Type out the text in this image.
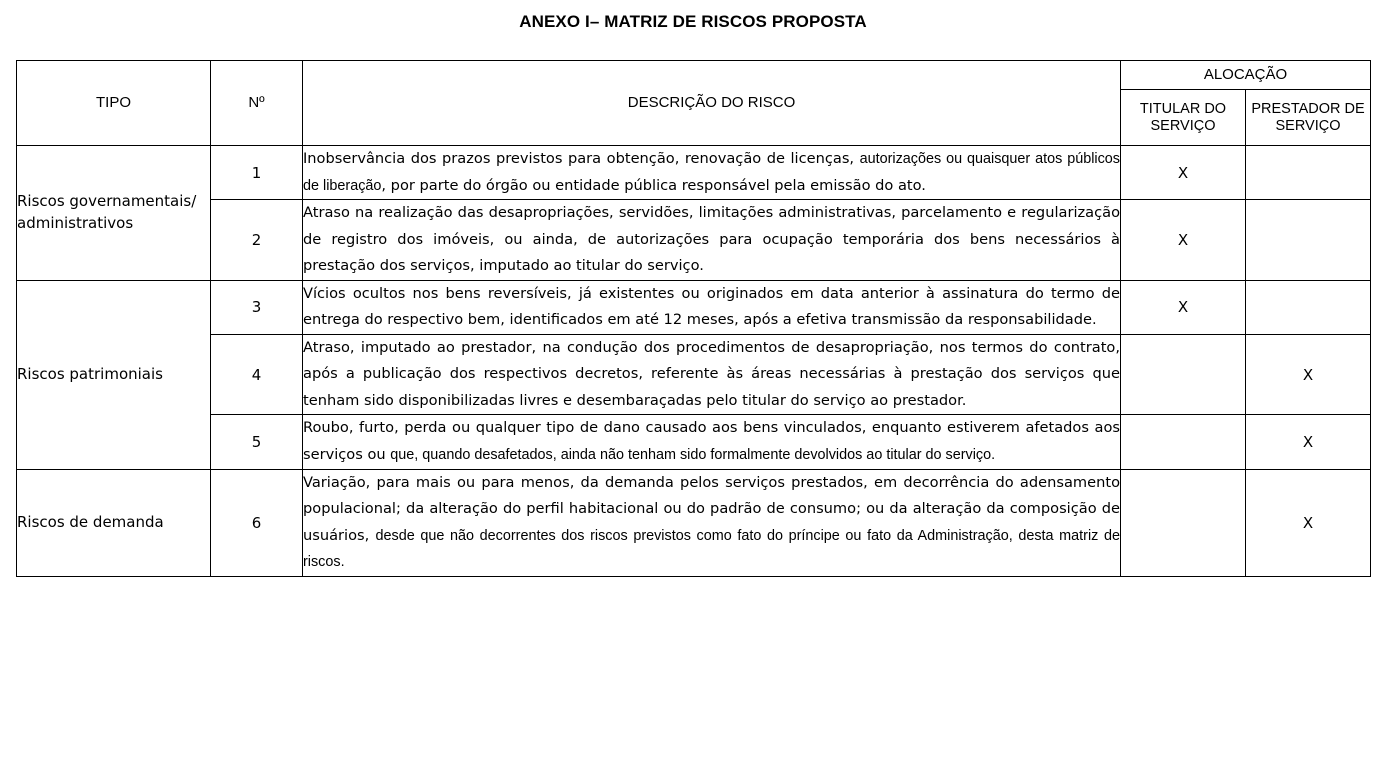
ANEXO I– MATRIZ DE RISCOS PROPOSTA
TIPO	Nº	DESCRIÇÃO DO RISCO	ALOCAÇÃO	
			TITULAR DO SERVIÇO	PRESTADOR DE SERVIÇO
Riscos governamentais/ administrativos	1	Inobservância dos prazos previstos para obtenção, renovação de licenças, autorizações ou quaisquer atos públicos de liberação, por parte do órgão ou entidade pública responsável pela emissão do ato.	X	
	2	Atraso na realização das desapropriações, servidões, limitações administrativas, parcelamento e regularização de registro dos imóveis, ou ainda, de autorizações para ocupação temporária dos bens necessários à prestação dos serviços, imputado ao titular do serviço.	X	
Riscos patrimoniais	3	Vícios ocultos nos bens reversíveis, já existentes ou originados em data anterior à assinatura do termo de entrega do respectivo bem, identificados em até 12 meses, após a efetiva transmissão da responsabilidade.	X	
	4	Atraso, imputado ao prestador, na condução dos procedimentos de desapropriação, nos termos do contrato, após a publicação dos respectivos decretos, referente às áreas necessárias à prestação dos serviços que tenham sido disponibilizadas livres e desembaraçadas pelo titular do serviço ao prestador.		X
	5	Roubo, furto, perda ou qualquer tipo de dano causado aos bens vinculados, enquanto estiverem afetados aos serviços ou que, quando desafetados, ainda não tenham sido formalmente devolvidos ao titular do serviço.		X
Riscos de demanda	6	Variação, para mais ou para menos, da demanda pelos serviços prestados, em decorrência do adensamento populacional; da alteração do perfil habitacional ou do padrão de consumo; ou da alteração da composição de usuários, desde que não decorrentes dos riscos previstos como fato do príncipe ou fato da Administração, desta matriz de riscos.		X
